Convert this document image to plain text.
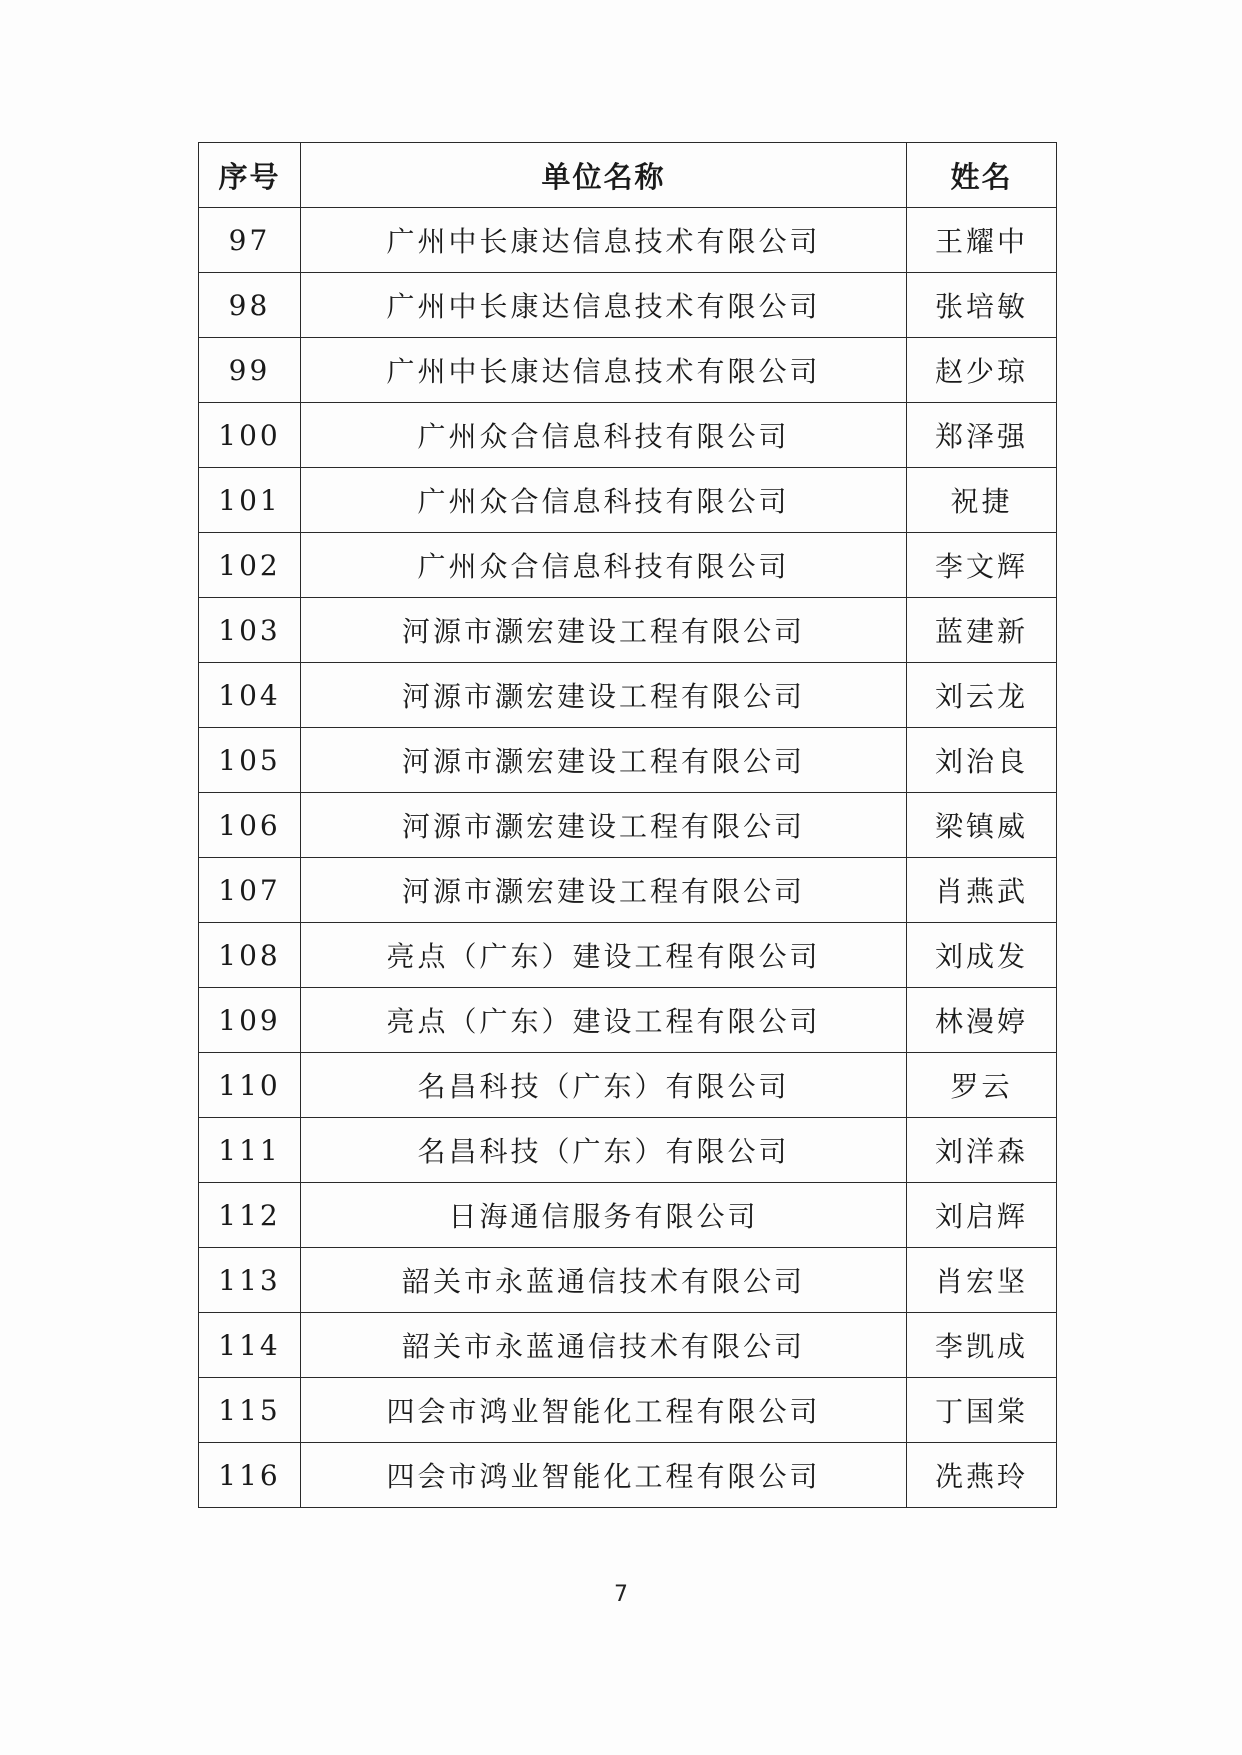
序号	单位名称	姓名
97	广州中长康达信息技术有限公司	王耀中
98	广州中长康达信息技术有限公司	张培敏
99	广州中长康达信息技术有限公司	赵少琼
100	广州众合信息科技有限公司	郑泽强
101	广州众合信息科技有限公司	祝捷
102	广州众合信息科技有限公司	李文辉
103	河源市灏宏建设工程有限公司	蓝建新
104	河源市灏宏建设工程有限公司	刘云龙
105	河源市灏宏建设工程有限公司	刘治良
106	河源市灏宏建设工程有限公司	梁镇威
107	河源市灏宏建设工程有限公司	肖燕武
108	亮点（广东）建设工程有限公司	刘成发
109	亮点（广东）建设工程有限公司	林漫婷
110	名昌科技（广东）有限公司	罗云
111	名昌科技（广东）有限公司	刘洋森
112	日海通信服务有限公司	刘启辉
113	韶关市永蓝通信技术有限公司	肖宏坚
114	韶关市永蓝通信技术有限公司	李凯成
115	四会市鸿业智能化工程有限公司	丁国棠
116	四会市鸿业智能化工程有限公司	冼燕玲
7
